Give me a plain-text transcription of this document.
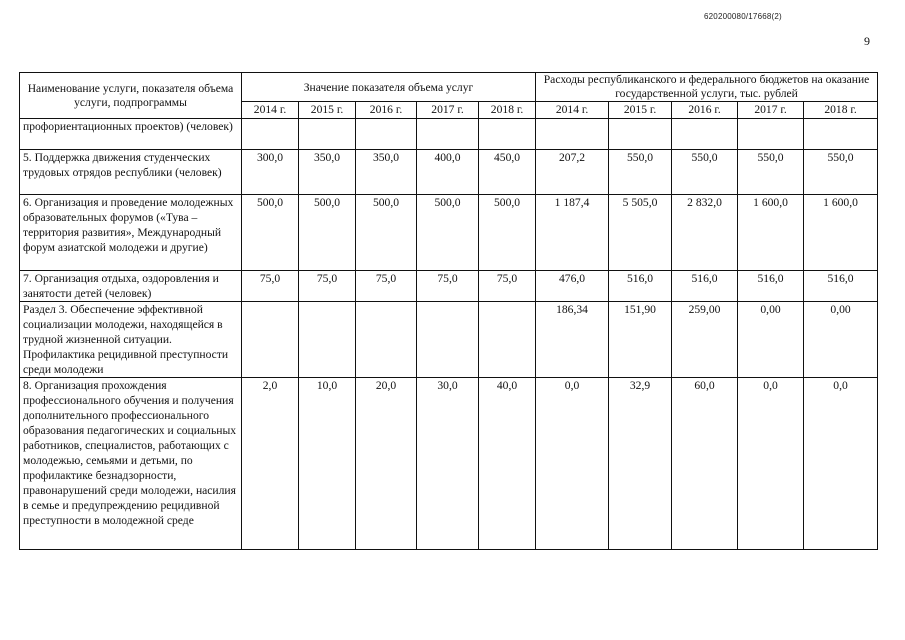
620200080/17668(2)
9
Наименование услуги, показателя объема услуги, подпрограммы	Значение показателя объема услуг					Расходы республиканского и федерального бюджетов на оказание государственной услуги, тыс. рублей				
	2014 г.	2015 г.	2016 г.	2017 г.	2018 г.	2014 г.	2015 г.	2016 г.	2017 г.	2018 г.
профориентационных проектов) (человек)										
5. Поддержка движения студенческих трудовых отрядов республики (человек)	300,0	350,0	350,0	400,0	450,0	207,2	550,0	550,0	550,0	550,0
6. Организация и проведение молодежных образовательных форумов («Тува – территория развития», Международный форум азиатской молодежи и другие)	500,0	500,0	500,0	500,0	500,0	1 187,4	5 505,0	2 832,0	1 600,0	1 600,0
7. Организация отдыха, оздоровления и занятости детей (человек)	75,0	75,0	75,0	75,0	75,0	476,0	516,0	516,0	516,0	516,0
Раздел 3. Обеспечение эффективной социализации молодежи, находящейся в трудной жизненной ситуации. Профилактика рецидивной преступности среди молодежи						186,34	151,90	259,00	0,00	0,00
8. Организация прохождения профессионального обучения и получения дополнительного профессионального образования педагогических и социальных работников, специалистов, работающих с молодежью, семьями и детьми, по профилактике безнадзорности, правонарушений среди молодежи, насилия в семье и предупреждению рецидивной преступности в молодежной среде	2,0	10,0	20,0	30,0	40,0	0,0	32,9	60,0	0,0	0,0
